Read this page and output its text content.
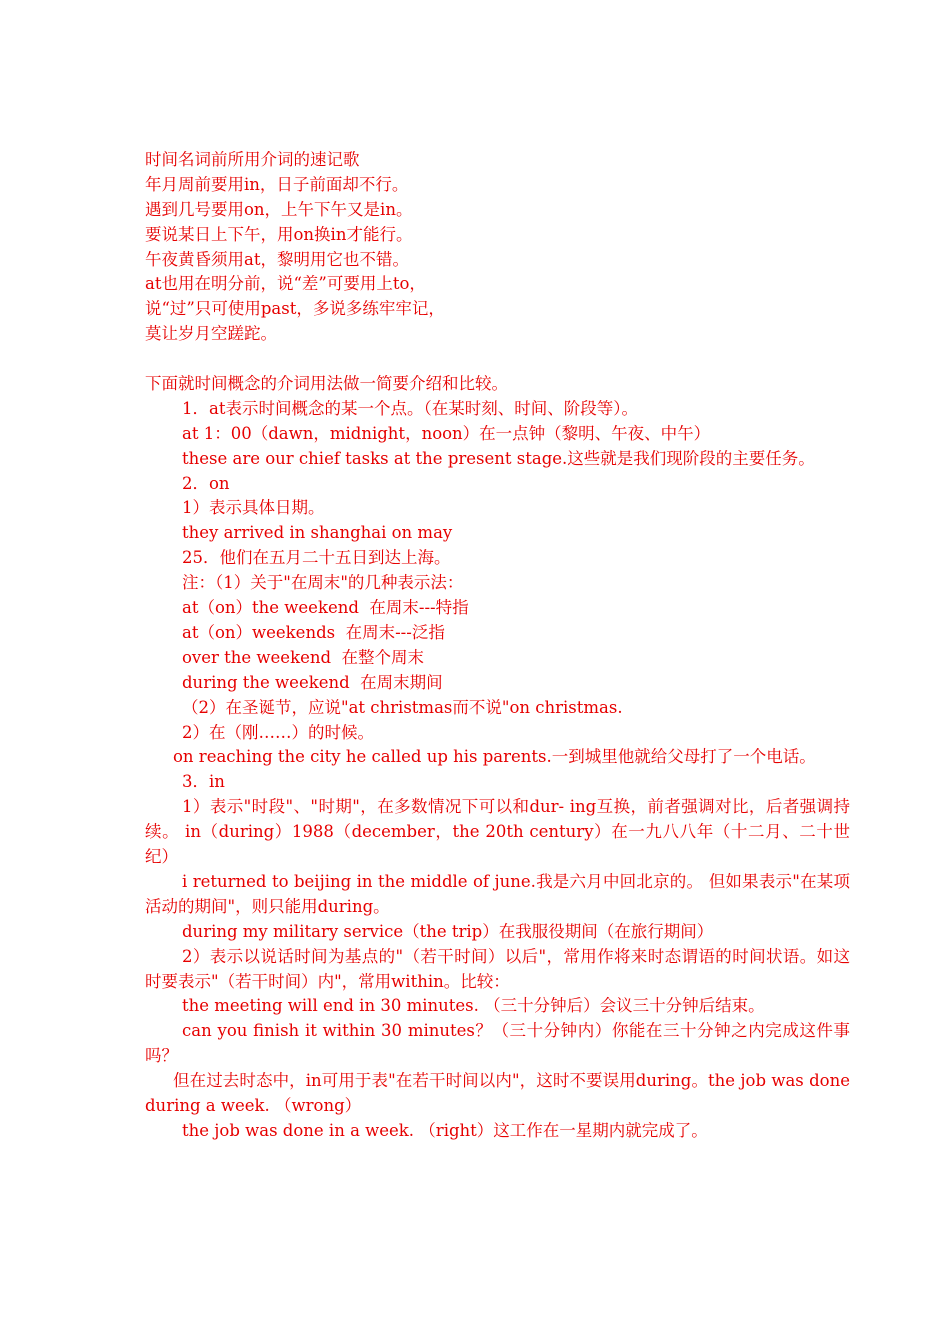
时间名词前所用介词的速记歌
年月周前要用in，日子前面却不行。
遇到几号要用on，上午下午又是in。
要说某日上下午，用on换in才能行。
午夜黄昏须用at，黎明用它也不错。
at也用在明分前，说“差”可要用上to，
说“过”只可使用past，多说多练牢牢记，
莫让岁月空蹉跎。
下面就时间概念的介词用法做一简要介绍和比较。
1．at表示时间概念的某一个点。（在某时刻、时间、阶段等）。
at 1：00（dawn，midnight，noon）在一点钟（黎明、午夜、中午）
these are our chief tasks at the present stage.这些就是我们现阶段的主要任务。
2．on
1）表示具体日期。
they arrived in shanghai on may
25．他们在五月二十五日到达上海。
注：（1）关于"在周末"的几种表示法：
at（on）the weekend  在周末---特指
at（on）weekends  在周末---泛指
over the weekend  在整个周末
during the weekend  在周末期间
（2）在圣诞节，应说"at christmas而不说"on christmas.
2）在（刚……）的时候。
on reaching the city he called up his parents.一到城里他就给父母打了一个电话。
3．in
1）表示"时段"、"时期"，在多数情况下可以和dur- ing互换，前者强调对比，后者强调持续。 in（during）1988（december，the 20th century）在一九八八年（十二月、二十世纪）
i returned to beijing in the middle of june.我是六月中回北京的。 但如果表示"在某项活动的期间"，则只能用during。
during my military service（the trip）在我服役期间（在旅行期间）
2）表示以说话时间为基点的"（若干时间）以后"，常用作将来时态谓语的时间状语。如这时要表示"（若干时间）内"，常用within。比较：
the meeting will end in 30 minutes. （三十分钟后）会议三十分钟后结束。
can you finish it within 30 minutes？（三十分钟内）你能在三十分钟之内完成这件事吗？
但在过去时态中，in可用于表"在若干时间以内"，这时不要误用during。the job was done during a week. （wrong）
the job was done in a week. （right）这工作在一星期内就完成了。
